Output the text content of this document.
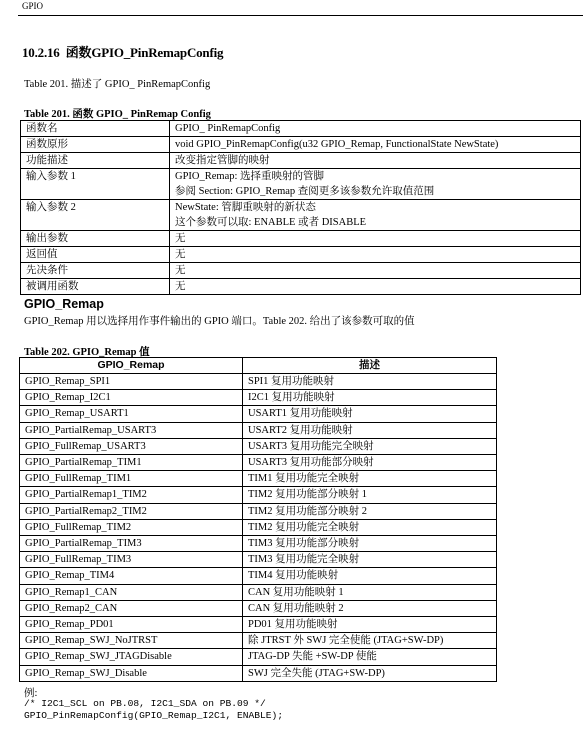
GPIO
10.2.16 函数GPIO_PinRemapConfig
Table 201. 描述了 GPIO_ PinRemapConfig
Table 201. 函数 GPIO_ PinRemap Config
函数名	GPIO_ PinRemapConfig

函数原形	void GPIO_PinRemapConfig(u32 GPIO_Remap, FunctionalState NewState)

功能描述	改变指定管脚的映射

输入参数 1	GPIO_Remap: 选择重映射的管脚
参阅 Section: GPIO_Remap 查阅更多该参数允许取值范围

输入参数 2	NewState: 管脚重映射的新状态
这个参数可以取: ENABLE 或者 DISABLE

输出参数	无

返回值	无

先决条件	无

被调用函数	无
GPIO_Remap
GPIO_Remap 用以选择用作事件输出的 GPIO 端口。Table 202. 给出了该参数可取的值
Table 202. GPIO_Remap 值
GPIO_Remap	描述
GPIO_Remap_SPI1	SPI1 复用功能映射
GPIO_Remap_I2C1	I2C1 复用功能映射
GPIO_Remap_USART1	USART1 复用功能映射
GPIO_PartialRemap_USART3	USART2 复用功能映射
GPIO_FullRemap_USART3	USART3 复用功能完全映射
GPIO_PartialRemap_TIM1	USART3 复用功能部分映射
GPIO_FullRemap_TIM1	TIM1 复用功能完全映射
GPIO_PartialRemap1_TIM2	TIM2 复用功能部分映射 1
GPIO_PartialRemap2_TIM2	TIM2 复用功能部分映射 2
GPIO_FullRemap_TIM2	TIM2 复用功能完全映射
GPIO_PartialRemap_TIM3	TIM3 复用功能部分映射
GPIO_FullRemap_TIM3	TIM3 复用功能完全映射
GPIO_Remap_TIM4	TIM4 复用功能映射
GPIO_Remap1_CAN	CAN 复用功能映射 1
GPIO_Remap2_CAN	CAN 复用功能映射 2
GPIO_Remap_PD01	PD01 复用功能映射
GPIO_Remap_SWJ_NoJTRST	除 JTRST 外 SWJ 完全使能 (JTAG+SW-DP)
GPIO_Remap_SWJ_JTAGDisable	JTAG-DP 失能 +SW-DP 使能
GPIO_Remap_SWJ_Disable	SWJ 完全失能 (JTAG+SW-DP)
例:
/* I2C1_SCL on PB.08, I2C1_SDA on PB.09 */
GPIO_PinRemapConfig(GPIO_Remap_I2C1, ENABLE);
